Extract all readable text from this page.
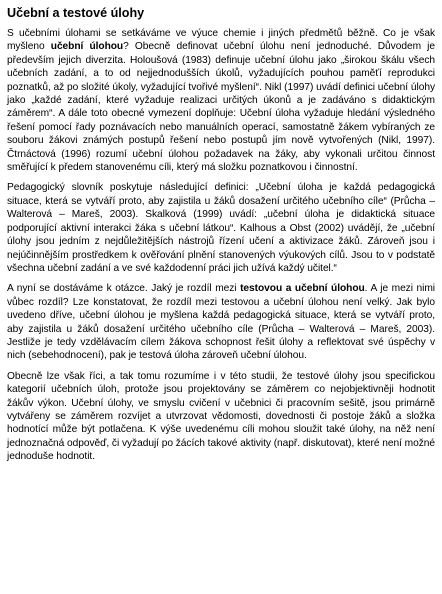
Učební a testové úlohy

S učebními úlohami se setkáváme ve výuce chemie i jiných předmětů běžně. Co je však myšleno učební úlohou? Obecně definovat učební úlohu není jednoduché. Důvodem je především jejich diverzita. Holoušová (1983) definuje učební úlohu jako „širokou škálu všech učebních zadání, a to od nejjednodušších úkolů, vyžadujících pouhou paměťí reprodukci poznatků, až po složité úkoly, vyžadující tvořivé myšlení“. Nikl (1997) uvádí definici učební úlohy jako „každé zadání, které vyžaduje realizaci určitých úkonů a je zadáváno s didaktickým záměrem“. A dále toto obecné vymezení doplňuje: Učební úloha vyžaduje hledání výsledného řešení pomocí řady poznávacích nebo manuálních operací, samostatně žákem vybíraných ze souboru žákovi známých postupů řešení nebo postupů jím nově vytvořených (Nikl, 1997). Čtrnáctová (1996) rozumí učební úlohou požadavek na žáky, aby vykonali určitou činnost směřující k předem stanovenému cíli, který má složku poznatkovou i činnostní.

Pedagogický slovník poskytuje následující definici: „Učební úloha je každá pedagogická situace, která se vytváří proto, aby zajistila u žáků dosažení určitého učebního cíle“ (Průcha – Walterová – Mareš, 2003). Skalková (1999) uvádí: „učební úloha je didaktická situace podporující aktivní interakci žáka s učební látkou“. Kalhous a Obst (2002) uvádějí, že „učební úlohy jsou jedním z nejdůležitějších nástrojů řízení učení a aktivizace žáků. Zároveň jsou i nejúčinnějším prostředkem k ověřování plnění stanovených výukových cílů. Jsou to v podstatě všechna učební zadání a ve své každodenní práci jich užívá každý učitel.“

A nyní se dostáváme k otázce. Jaký je rozdíl mezi testovou a učební úlohou. A je mezi nimi vůbec rozdíl? Lze konstatovat, že rozdíl mezi testovou a učební úlohou není velký. Jak bylo uvedeno dříve, učební úlohou je myšlena každá pedagogická situace, která se vytváří proto, aby zajistila u žáků dosažení určitého učebního cíle (Průcha – Walterová – Mareš, 2003). Jestliže je tedy vzdělávacím cílem žákova schopnost řešit úlohy a reflektovat své úspěchy v nich (sebehodnocení), pak je testová úloha zároveň učební úlohou.

Obecně lze však říci, a tak tomu rozumíme i v této studii, že testové úlohy jsou specifickou kategorií učebních úloh, protože jsou projektovány se záměrem co nejobjektivněji hodnotit žákův výkon. Učební úlohy, ve smyslu cvičení v učebnici či pracovním sešitě, jsou primárně vytvářeny se záměrem rozvíjet a utvrzovat vědomosti, dovednosti či postoje žáků a složka hodnotící může být potlačena. K výše uvedenému cíli mohou sloužit také úlohy, na něž není jednoznačná odpověď, či vyžadují po žácích takové aktivity (např. diskutovat), které není možné jednoduše hodnotit.
